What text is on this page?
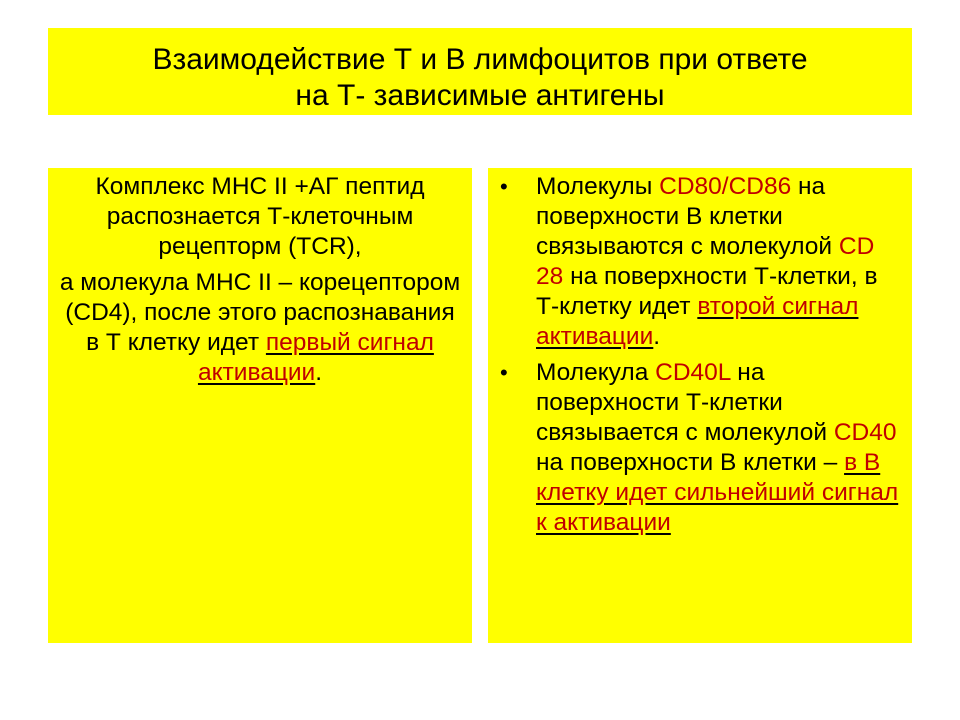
Взаимодействие Т и В лимфоцитов при ответе
на Т- зависимые антигены

Комплекс МНС II +АГ пептид распознается Т-клеточным рецепторм (TCR),

а молекула МНС II – корецептором (CD4), после этого распознавания в Т клетку идет первый сигнал активации.

• Молекулы CD80/CD86 на поверхности В клетки связываются с молекулой CD 28 на поверхности Т-клетки, в Т-клетку идет второй сигнал активации.
• Молекула CD40L на поверхности Т-клетки связывается с молекулой CD40 на поверхности В клетки – в В клетку идет сильнейший сигнал к активации
